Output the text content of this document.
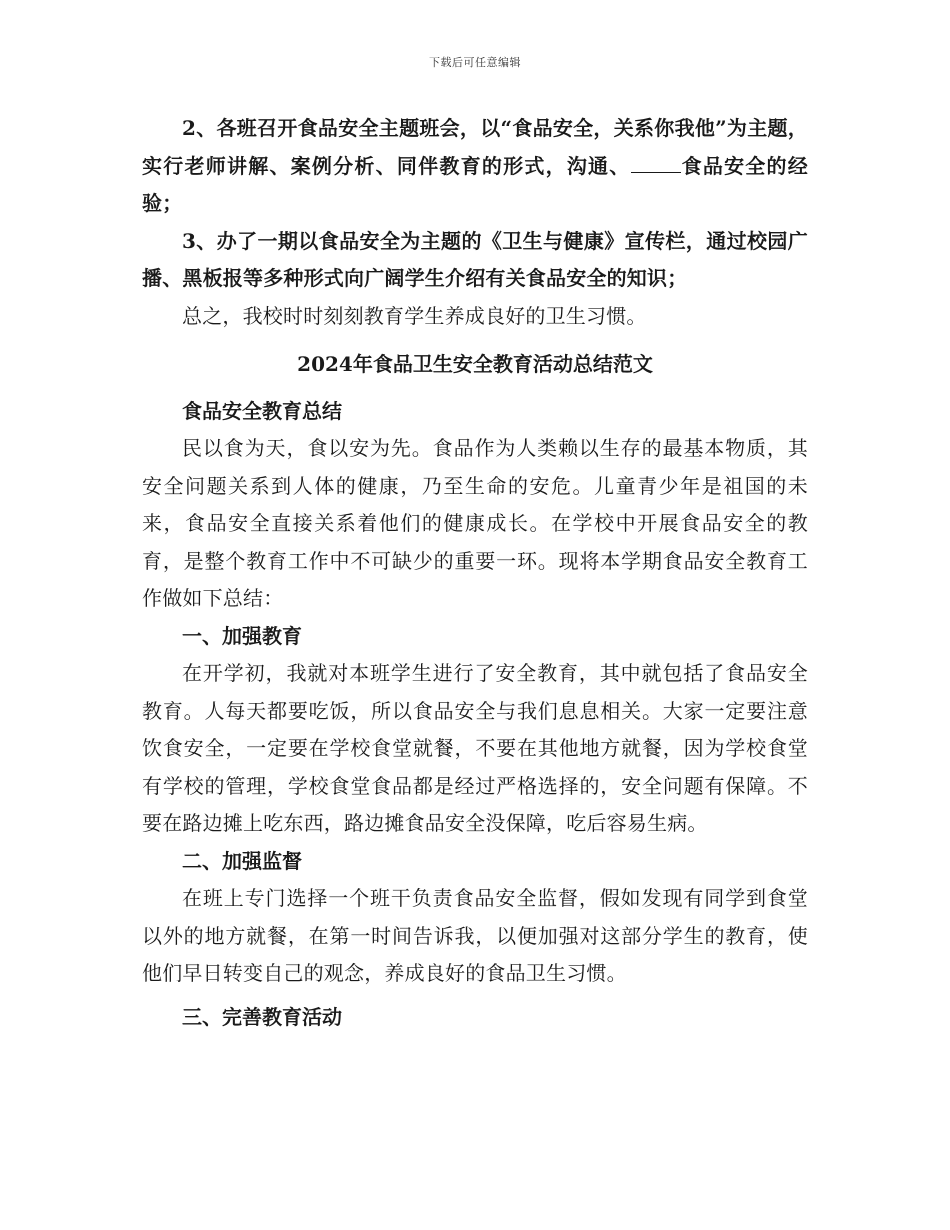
下载后可任意编辑

2、各班召开食品安全主题班会，以“食品安全，关系你我他”为主题，实行老师讲解、案例分析、同伴教育的形式，沟通、	食品安全的经验；

3、办了一期以食品安全为主题的《卫生与健康》宣传栏，通过校园广播、黑板报等多种形式向广阔学生介绍有关食品安全的知识；

总之，我校时时刻刻教育学生养成良好的卫生习惯。

2024年食品卫生安全教育活动总结范文
食品安全教育总结

民以食为天，食以安为先。食品作为人类赖以生存的最基本物质，其安全问题关系到人体的健康，乃至生命的安危。儿童青少年是祖国的未来，食品安全直接关系着他们的健康成长。在学校中开展食品安全的教育，是整个教育工作中不可缺少的重要一环。现将本学期食品安全教育工作做如下总结：

一、加强教育

在开学初，我就对本班学生进行了安全教育，其中就包括了食品安全教育。人每天都要吃饭，所以食品安全与我们息息相关。大家一定要注意饮食安全，一定要在学校食堂就餐，不要在其他地方就餐，因为学校食堂有学校的管理，学校食堂食品都是经过严格选择的，安全问题有保障。不要在路边摊上吃东西，路边摊食品安全没保障，吃后容易生病。

二、加强监督

在班上专门选择一个班干负责食品安全监督，假如发现有同学到食堂以外的地方就餐，在第一时间告诉我，以便加强对这部分学生的教育，使他们早日转变自己的观念，养成良好的食品卫生习惯。

三、完善教育活动
